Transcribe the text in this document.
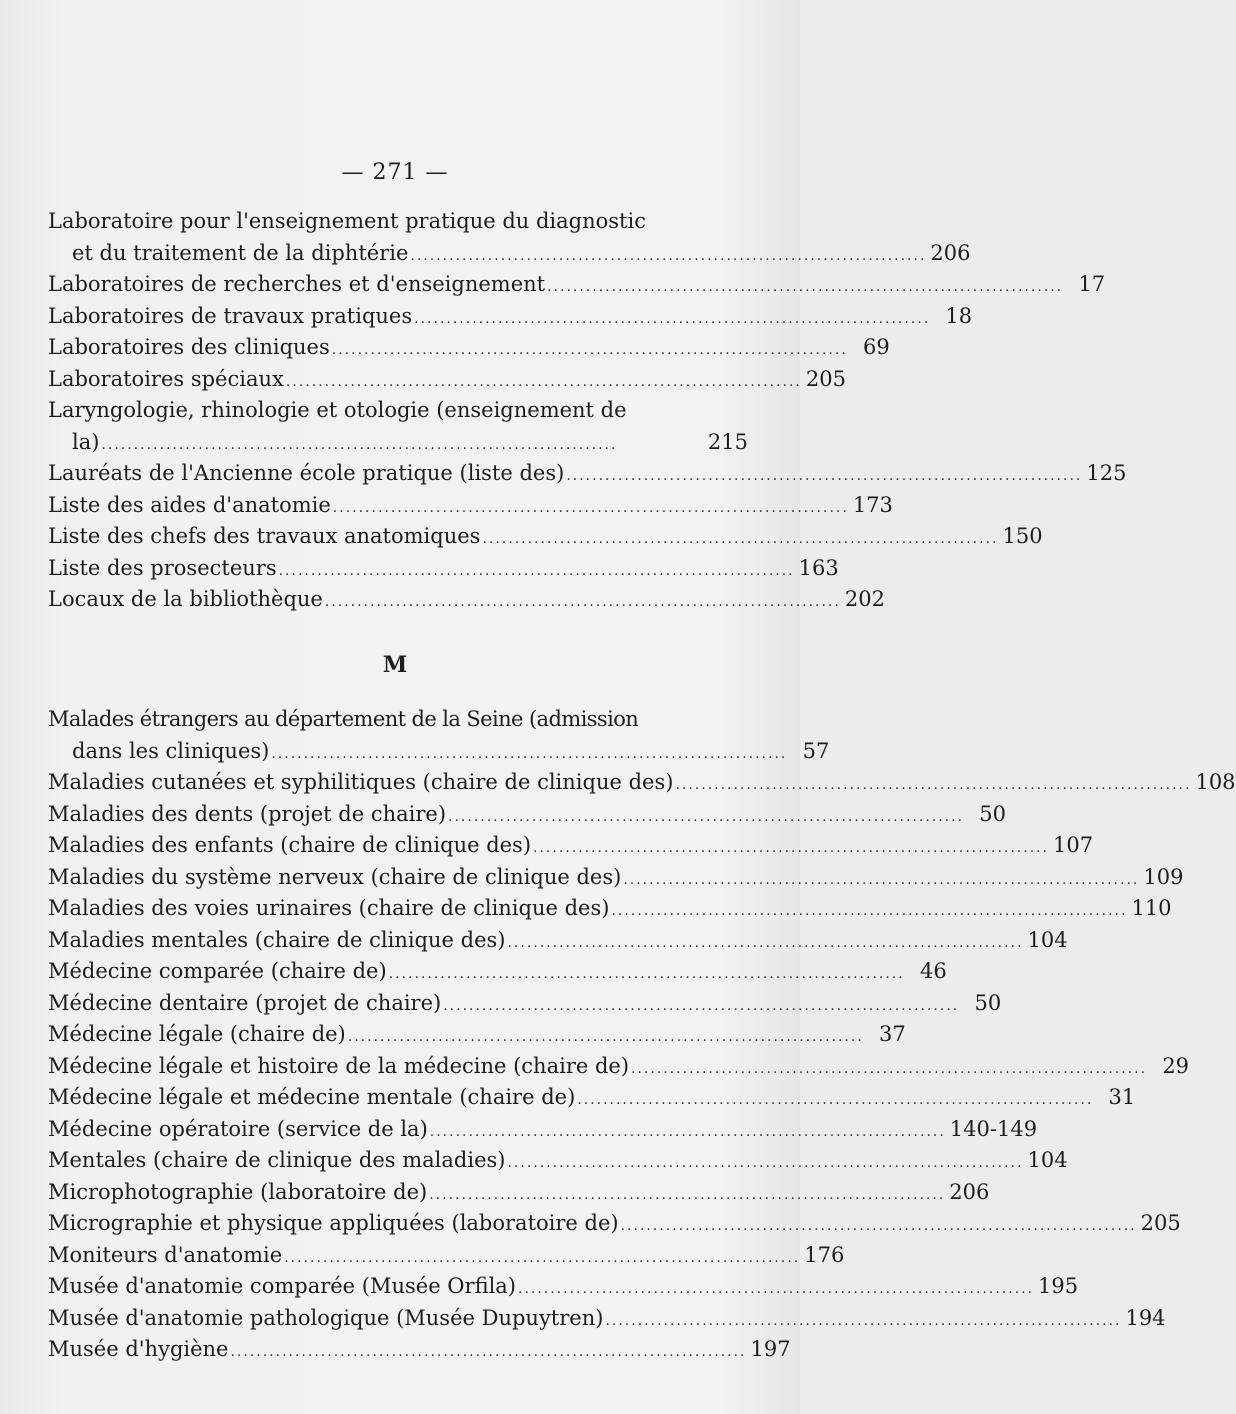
— 271 —
Laboratoire pour l'enseignement pratique du diagnostic
et du traitement de la diphtérie ................................................................................ 206
Laboratoires de recherches et d'enseignement ................................................................................ 17
Laboratoires de travaux pratiques ................................................................................ 18
Laboratoires des cliniques ................................................................................ 69
Laboratoires spéciaux ................................................................................ 205
Laryngologie, rhinologie et otologie (enseignement de
la) ................................................................................	215
Lauréats de l'Ancienne école pratique (liste des) ................................................................................ 125
Liste des aides d'anatomie ................................................................................ 173
Liste des chefs des travaux anatomiques ................................................................................ 150
Liste des prosecteurs ................................................................................ 163
Locaux de la bibliothèque ................................................................................ 202
M
Malades étrangers au département de la Seine (admission
dans les cliniques) ................................................................................ 57
Maladies cutanées et syphilitiques (chaire de clinique des) ................................................................................ 108
Maladies des dents (projet de chaire) ................................................................................ 50
Maladies des enfants (chaire de clinique des) ................................................................................ 107
Maladies du système nerveux (chaire de clinique des) ................................................................................ 109
Maladies des voies urinaires (chaire de clinique des) ................................................................................ 110
Maladies mentales (chaire de clinique des) ................................................................................ 104
Médecine comparée (chaire de) ................................................................................ 46
Médecine dentaire (projet de chaire) ................................................................................ 50
Médecine légale (chaire de) ................................................................................ 37
Médecine légale et histoire de la médecine (chaire de) ................................................................................ 29
Médecine légale et médecine mentale (chaire de) ................................................................................ 31
Médecine opératoire (service de la) ................................................................................ 140-149
Mentales (chaire de clinique des maladies) ................................................................................ 104
Microphotographie (laboratoire de) ................................................................................ 206
Micrographie et physique appliquées (laboratoire de) ................................................................................ 205
Moniteurs d'anatomie ................................................................................ 176
Musée d'anatomie comparée (Musée Orfila) ................................................................................ 195
Musée d'anatomie pathologique (Musée Dupuytren) ................................................................................ 194
Musée d'hygiène ................................................................................ 197
